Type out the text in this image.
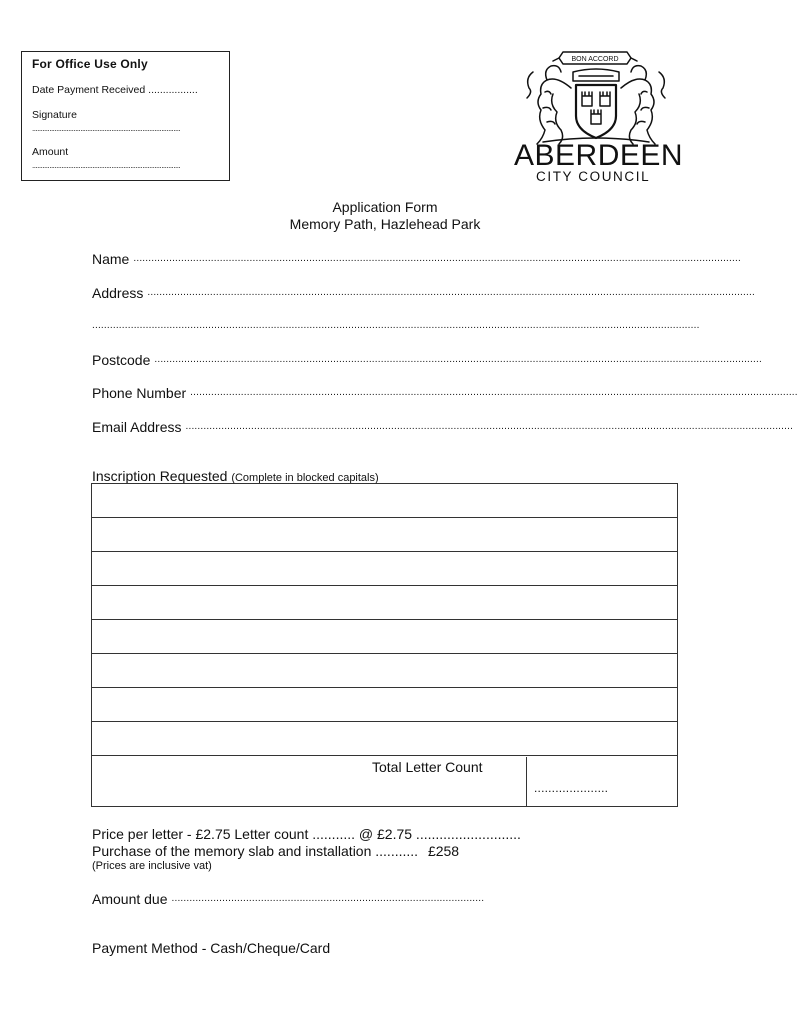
For Office Use Only
Date Payment Received .................
Signature
......................................................................................
Amount
......................................................................................
BON ACCORD
ABERDEEN
CITY COUNCIL
Application Form
Memory Path, Hazlehead Park
Name ............................................................................................................................................................................................................
Address ............................................................................................................................................................................................................
............................................................................................................................................................................................................
Postcode ............................................................................................................................................................................................................
Phone Number ............................................................................................................................................................................................................
Email Address ............................................................................................................................................................................................................
Inscription Requested (Complete in blocked capitals)
Total Letter Count
.....................
Price per letter - £2.75 Letter count ........... @ £2.75 ...........................
Purchase of the memory slab and installation ........... £258
(Prices are inclusive vat)
Amount due .........................................................................................................
Payment Method - Cash/Cheque/Card
